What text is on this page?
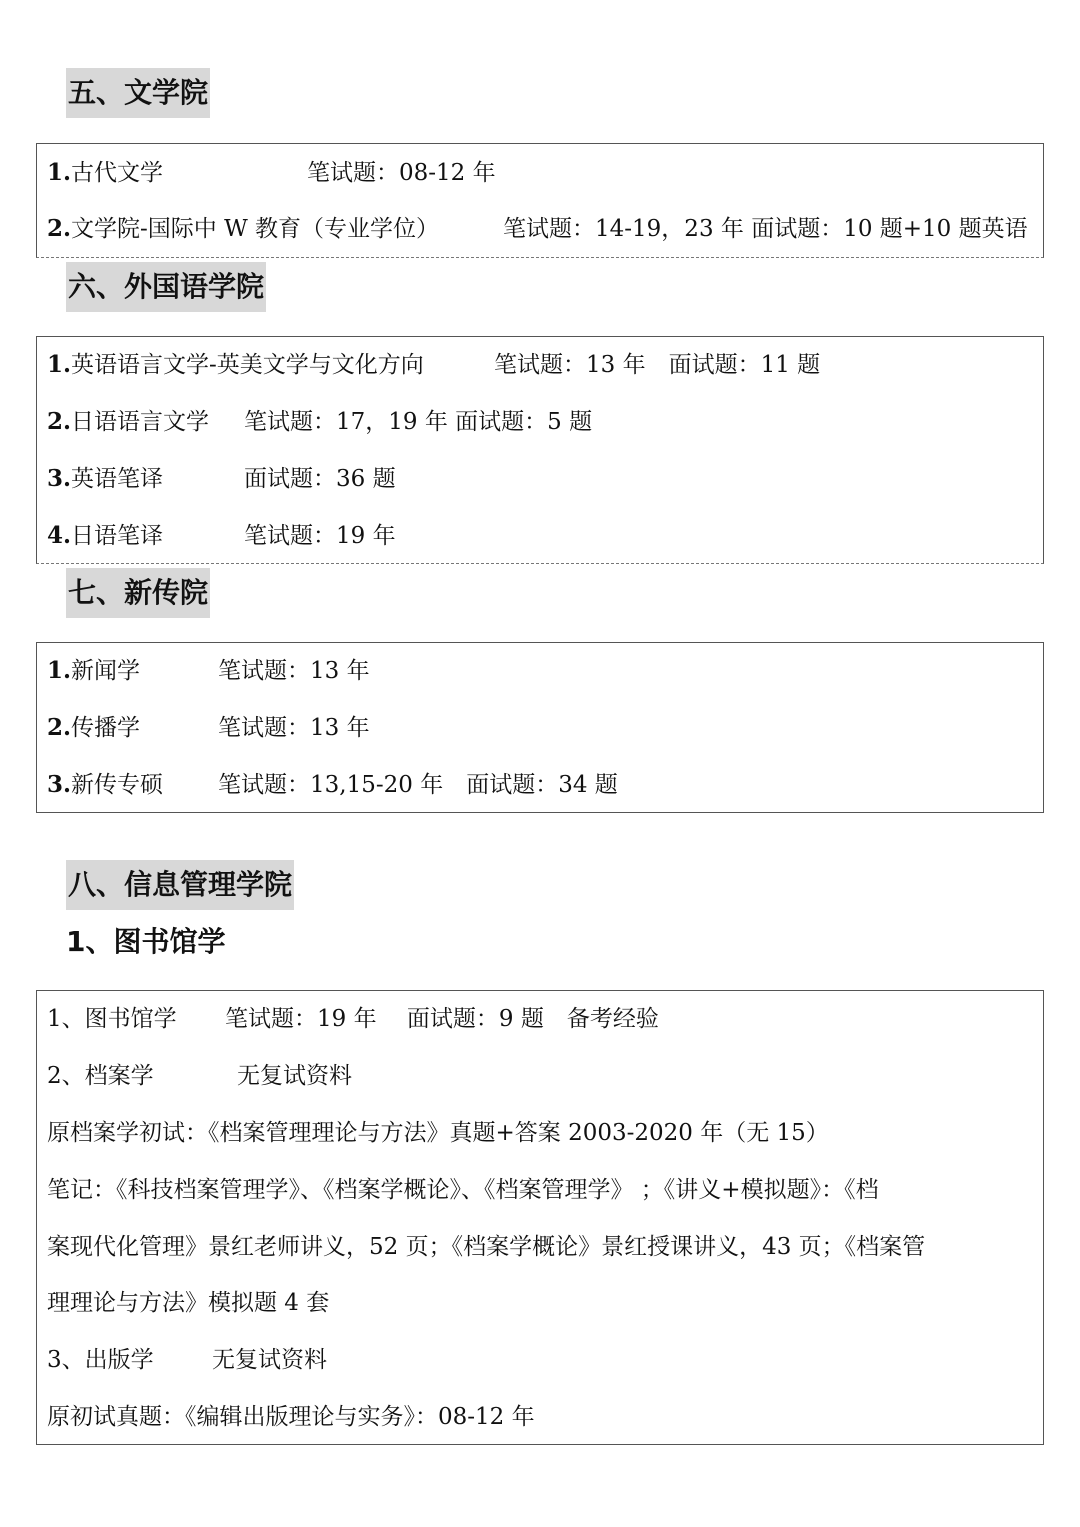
五、文学院
1.古代文学	笔试题：08-12 年
2.文学院-国际中 W 教育（专业学位）	笔试题：14-19，23 年 面试题：10 题+10 题英语
六、外国语学院
1.英语语言文学-英美文学与文化方向	笔试题：13 年　面试题：11 题
2.日语语言文学 笔试题：17，19 年 面试题：5 题
3.英语笔译	面试题：36 题
4.日语笔译	笔试题：19 年
七、新传院
1.新闻学	笔试题：13 年
2.传播学	笔试题：13 年
3.新传专硕 笔试题：13,15-20 年　面试题：34 题
八、信息管理学院
1、图书馆学
1、图书馆学 笔试题：19 年　 面试题：9 题　备考经验
2、档案学	无复试资料
原档案学初试：《档案管理理论与方法》真题+答案 2003-2020 年（无 15）
笔记：《科技档案管理学》、《档案学概论》、《档案管理学》 ；《讲义+模拟题》：《档
案现代化管理》景红老师讲义，52 页；《档案学概论》景红授课讲义，43 页；《档案管
理理论与方法》模拟题 4 套
3、出版学	无复试资料
原初试真题：《编辑出版理论与实务》：08-12 年
